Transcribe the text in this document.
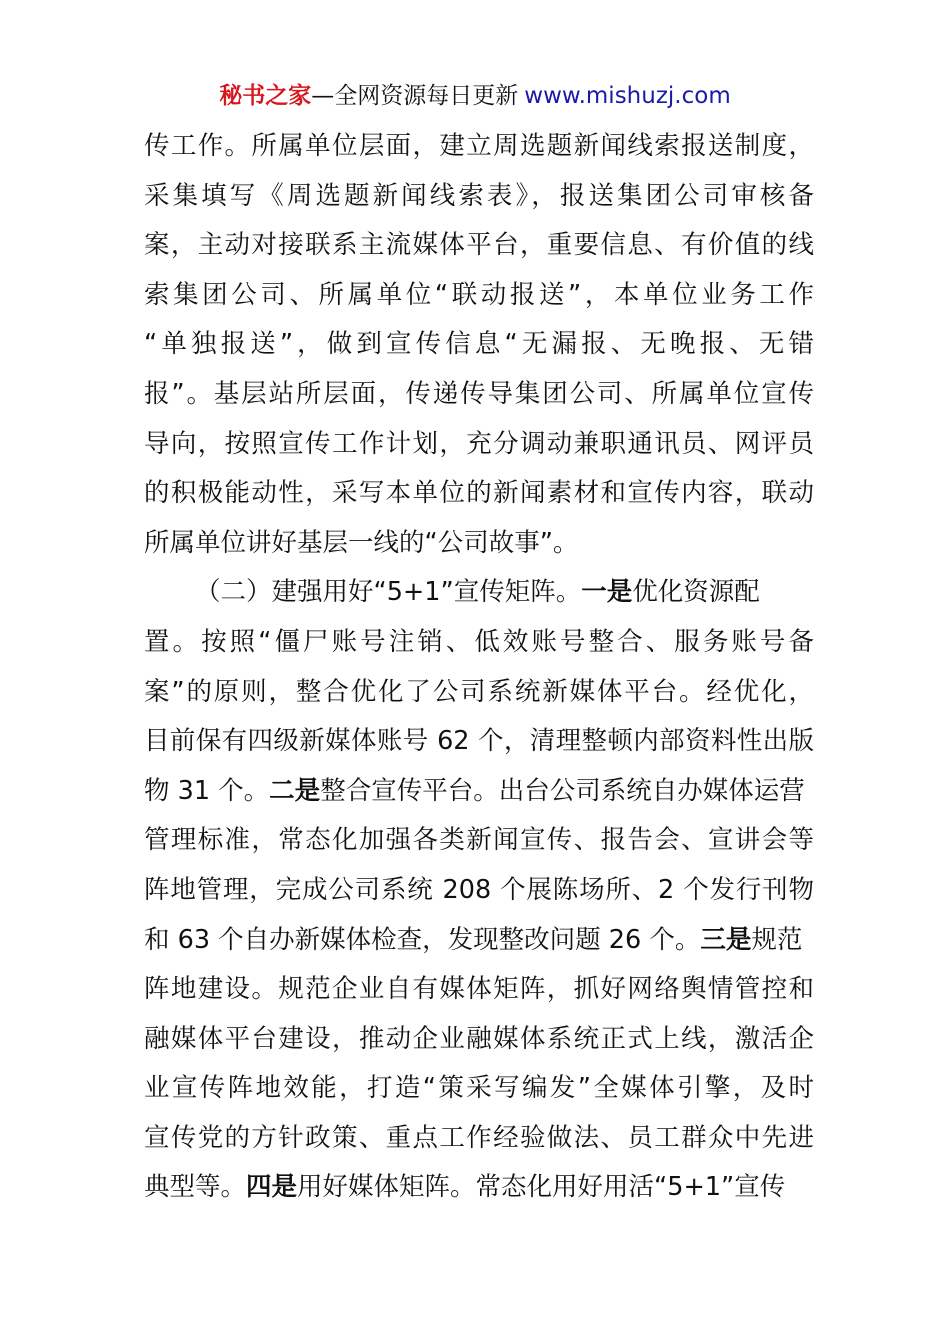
秘书之家—全网资源每日更新 www.mishuzj.com
传工作。所属单位层面，建立周选题新闻线索报送制度，
采集填写《周选题新闻线索表》，报送集团公司审核备
案，主动对接联系主流媒体平台，重要信息、有价值的线
索集团公司、所属单位“联动报送”，本单位业务工作
“单独报送”，做到宣传信息“无漏报、无晚报、无错
报”。基层站所层面，传递传导集团公司、所属单位宣传
导向，按照宣传工作计划，充分调动兼职通讯员、网评员
的积极能动性，采写本单位的新闻素材和宣传内容，联动
所属单位讲好基层一线的“公司故事”。
（二）建强用好“5+1”宣传矩阵。一是优化资源配
置。按照“僵尸账号注销、低效账号整合、服务账号备
案”的原则，整合优化了公司系统新媒体平台。经优化，
目前保有四级新媒体账号 62 个，清理整顿内部资料性出版
物 31 个。二是整合宣传平台。出台公司系统自办媒体运营
管理标准，常态化加强各类新闻宣传、报告会、宣讲会等
阵地管理，完成公司系统 208 个展陈场所、2 个发行刊物
和 63 个自办新媒体检查，发现整改问题 26 个。三是规范
阵地建设。规范企业自有媒体矩阵，抓好网络舆情管控和
融媒体平台建设，推动企业融媒体系统正式上线，激活企
业宣传阵地效能，打造“策采写编发”全媒体引擎，及时
宣传党的方针政策、重点工作经验做法、员工群众中先进
典型等。四是用好媒体矩阵。常态化用好用活“5+1”宣传
